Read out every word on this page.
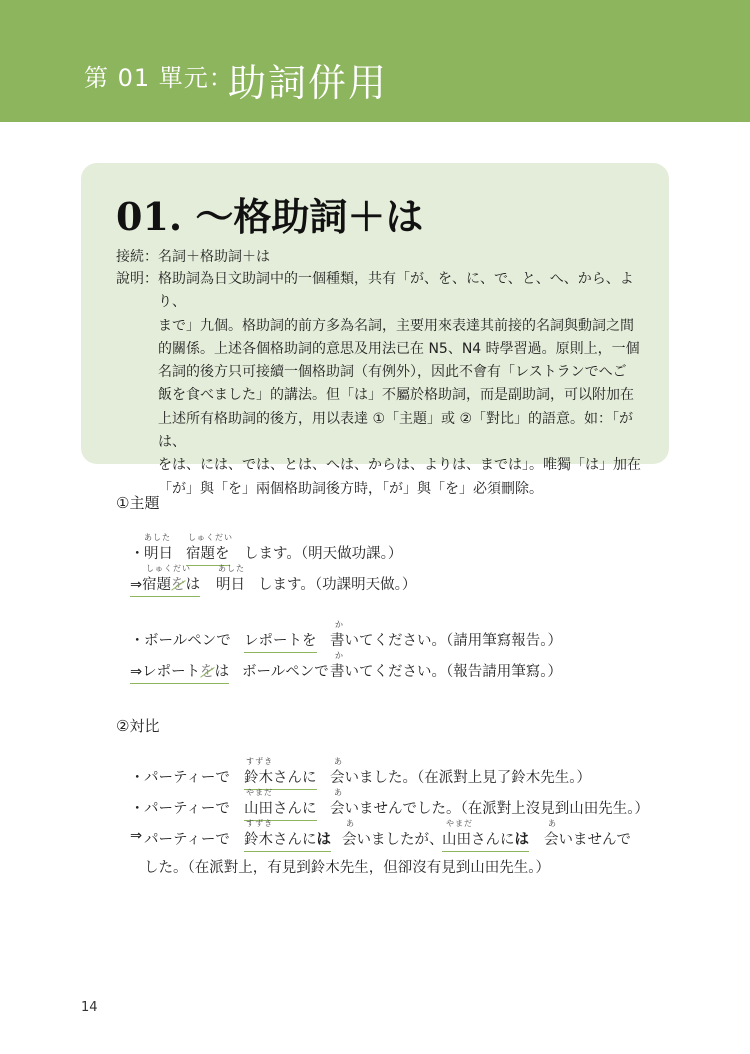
第 01 單元：
助詞併用
01. ～格助詞＋は
接続： 名詞＋格助詞＋は
說明： 格助詞為日文助詞中的一個種類，共有「が、を、に、で、と、へ、から、より、
まで」九個。格助詞的前方多為名詞，主要用來表達其前接的名詞與動詞之間
的關係。上述各個格助詞的意思及用法已在 N5、N4 時學習過。原則上，一個
名詞的後方只可接續一個格助詞（有例外），因此不會有「レストランでへご
飯を食べました」的講法。但「は」不屬於格助詞，而是副助詞，可以附加在
上述所有格助詞的後方，用以表達 ①「主題」或 ②「對比」的語意。如：「がは、
をは、には、では、とは、へは、からは、よりは、までは」。唯獨「は」加在
「が」與「を」兩個格助詞後方時，「が」與「を」必須刪除。
①主題
あした しゅくだい
・ 明日 宿題を します。（明天做功課。）
しゅくだい	あした
⇒宿題をは 明日 します。（功課明天做。）
か
・ ボールペンで レポートを 書いてください。（請用筆寫報告。）
か
⇒レポートをは ボールペンで 書いてください。（報告請用筆寫。）
②対比
すずき	あ
・ パーティーで 鈴木さんに 会いました。（在派對上見了鈴木先生。）
やまだ	あ
・ パーティーで 山田さんに 会いませんでした。（在派對上沒見到山田先生。）
すずき	あ	やまだ	あ
⇒ パーティーで 鈴木さんには 会いましたが、
山田さんには 会いませんで
した。（在派對上，有見到鈴木先生，但卻沒有見到山田先生。）
14
